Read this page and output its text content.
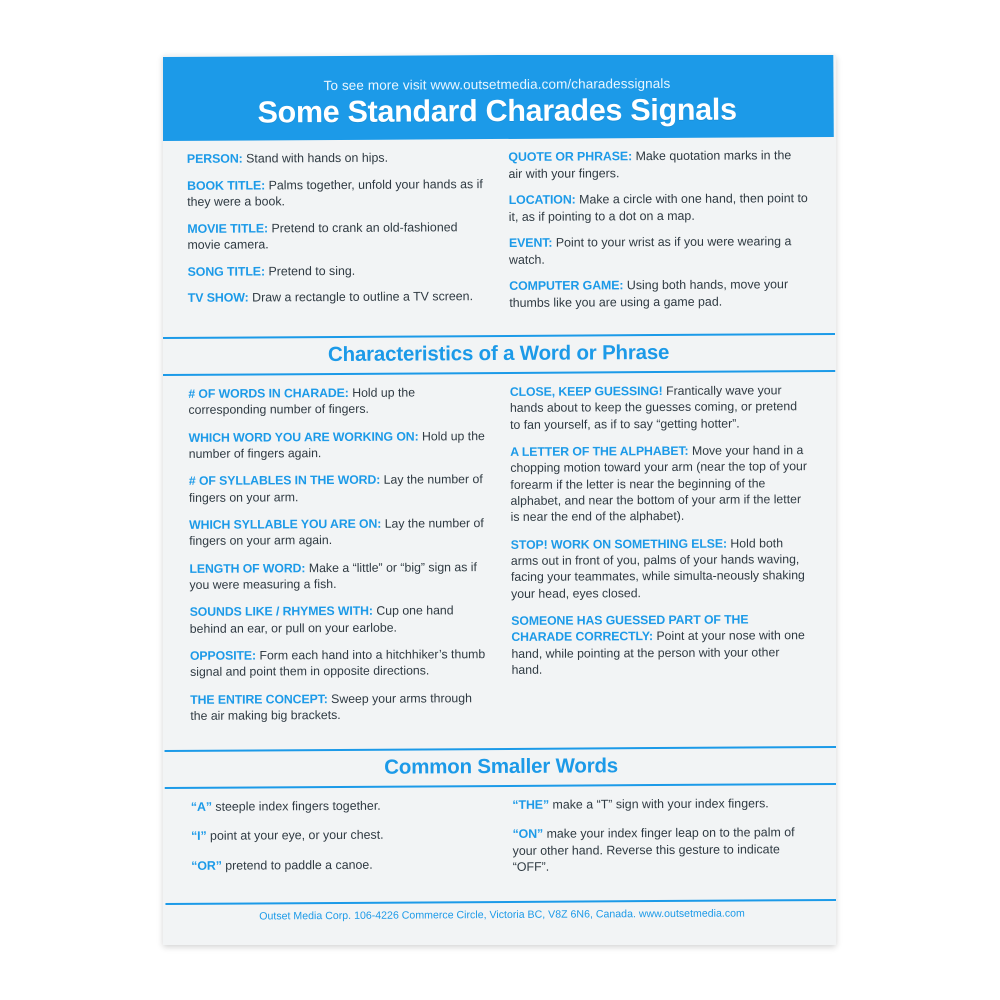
To see more visit www.outsetmedia.com/charadessignals
Some Standard Charades Signals
PERSON: Stand with hands on hips.
BOOK TITLE: Palms together, unfold your hands as if they were a book.
MOVIE TITLE: Pretend to crank an old-fashioned movie camera.
SONG TITLE: Pretend to sing.
TV SHOW: Draw a rectangle to outline a TV screen.
QUOTE OR PHRASE: Make quotation marks in the air with your fingers.
LOCATION: Make a circle with one hand, then point to it, as if pointing to a dot on a map.
EVENT: Point to your wrist as if you were wearing a watch.
COMPUTER GAME: Using both hands, move your thumbs like you are using a game pad.
Characteristics of a Word or Phrase
# OF WORDS IN CHARADE: Hold up the corresponding number of fingers.
WHICH WORD YOU ARE WORKING ON: Hold up the number of fingers again.
# OF SYLLABLES IN THE WORD: Lay the number of fingers on your arm.
WHICH SYLLABLE YOU ARE ON: Lay the number of fingers on your arm again.
LENGTH OF WORD: Make a “little” or “big” sign as if you were measuring a fish.
SOUNDS LIKE / RHYMES WITH: Cup one hand behind an ear, or pull on your earlobe.
OPPOSITE: Form each hand into a hitchhiker’s thumb signal and point them in opposite directions.
THE ENTIRE CONCEPT: Sweep your arms through the air making big brackets.
CLOSE, KEEP GUESSING! Frantically wave your hands about to keep the guesses coming, or pretend to fan yourself, as if to say “getting hotter”.
A LETTER OF THE ALPHABET: Move your hand in a chopping motion toward your arm (near the top of your forearm if the letter is near the beginning of the alphabet, and near the bottom of your arm if the letter is near the end of the alphabet).
STOP! WORK ON SOMETHING ELSE: Hold both arms out in front of you, palms of your hands waving, facing your teammates, while simulta-neously shaking your head, eyes closed.
SOMEONE HAS GUESSED PART OF THE CHARADE CORRECTLY: Point at your nose with one hand, while pointing at the person with your other hand.
Common Smaller Words
“A” steeple index fingers together.
“I” point at your eye, or your chest.
“OR” pretend to paddle a canoe.
“THE” make a “T” sign with your index fingers.
“ON” make your index finger leap on to the palm of your other hand. Reverse this gesture to indicate “OFF”.
Outset Media Corp. 106-4226 Commerce Circle, Victoria BC, V8Z 6N6, Canada. www.outsetmedia.com
